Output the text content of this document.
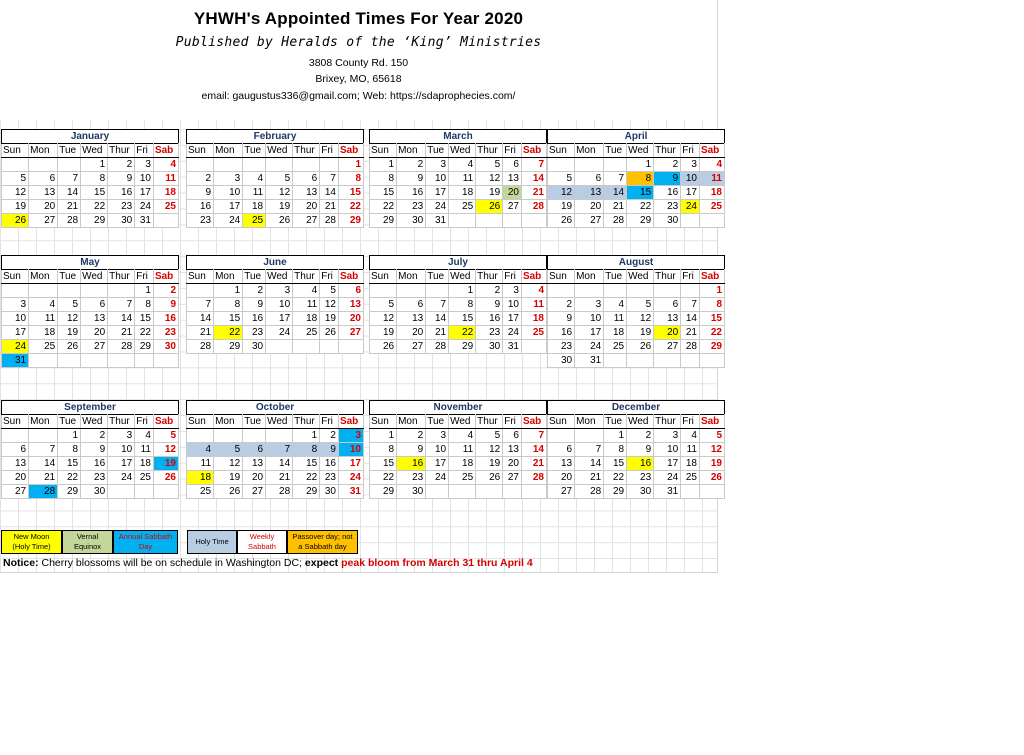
YHWH's Appointed Times For Year 2020
Published by Heralds of the ‘King’ Ministries
3808 County Rd. 150
Brixey, MO, 65618
email: gaugustus336@gmail.com; Web: https://sdaprophecies.com/
January
Sun	Mon	Tue	Wed	Thur	Fri	Sab
			1	2	3	4
5	6	7	8	9	10	11
12	13	14	15	16	17	18
19	20	21	22	23	24	25
26	27	28	29	30	31	
February
Sun	Mon	Tue	Wed	Thur	Fri	Sab
						1
2	3	4	5	6	7	8
9	10	11	12	13	14	15
16	17	18	19	20	21	22
23	24	25	26	27	28	29
March
Sun	Mon	Tue	Wed	Thur	Fri	Sab
1	2	3	4	5	6	7
8	9	10	11	12	13	14
15	16	17	18	19	20	21
22	23	24	25	26	27	28
29	30	31				
April
Sun	Mon	Tue	Wed	Thur	Fri	Sab
			1	2	3	4
5	6	7	8	9	10	11
12	13	14	15	16	17	18
19	20	21	22	23	24	25
26	27	28	29	30		
May
Sun	Mon	Tue	Wed	Thur	Fri	Sab
					1	2
3	4	5	6	7	8	9
10	11	12	13	14	15	16
17	18	19	20	21	22	23
24	25	26	27	28	29	30
31						
June
Sun	Mon	Tue	Wed	Thur	Fri	Sab
	1	2	3	4	5	6
7	8	9	10	11	12	13
14	15	16	17	18	19	20
21	22	23	24	25	26	27
28	29	30				
July
Sun	Mon	Tue	Wed	Thur	Fri	Sab
			1	2	3	4
5	6	7	8	9	10	11
12	13	14	15	16	17	18
19	20	21	22	23	24	25
26	27	28	29	30	31	
August
Sun	Mon	Tue	Wed	Thur	Fri	Sab
						1
2	3	4	5	6	7	8
9	10	11	12	13	14	15
16	17	18	19	20	21	22
23	24	25	26	27	28	29
30	31					
September
Sun	Mon	Tue	Wed	Thur	Fri	Sab
		1	2	3	4	5
6	7	8	9	10	11	12
13	14	15	16	17	18	19
20	21	22	23	24	25	26
27	28	29	30			
October
Sun	Mon	Tue	Wed	Thur	Fri	Sab
				1	2	3
4	5	6	7	8	9	10
11	12	13	14	15	16	17
18	19	20	21	22	23	24
25	26	27	28	29	30	31
November
Sun	Mon	Tue	Wed	Thur	Fri	Sab
1	2	3	4	5	6	7
8	9	10	11	12	13	14
15	16	17	18	19	20	21
22	23	24	25	26	27	28
29	30					
December
Sun	Mon	Tue	Wed	Thur	Fri	Sab
		1	2	3	4	5
6	7	8	9	10	11	12
13	14	15	16	17	18	19
20	21	22	23	24	25	26
27	28	29	30	31		
New Moon
(Holy Time)
Vernal
Equinox
Annual Sabbath
Day
Holy Time
Weekly
Sabbath
Passover day; not
a Sabbath day
Notice: Cherry blossoms will be on schedule in Washington DC; expect peak bloom from March 31 thru April 4
